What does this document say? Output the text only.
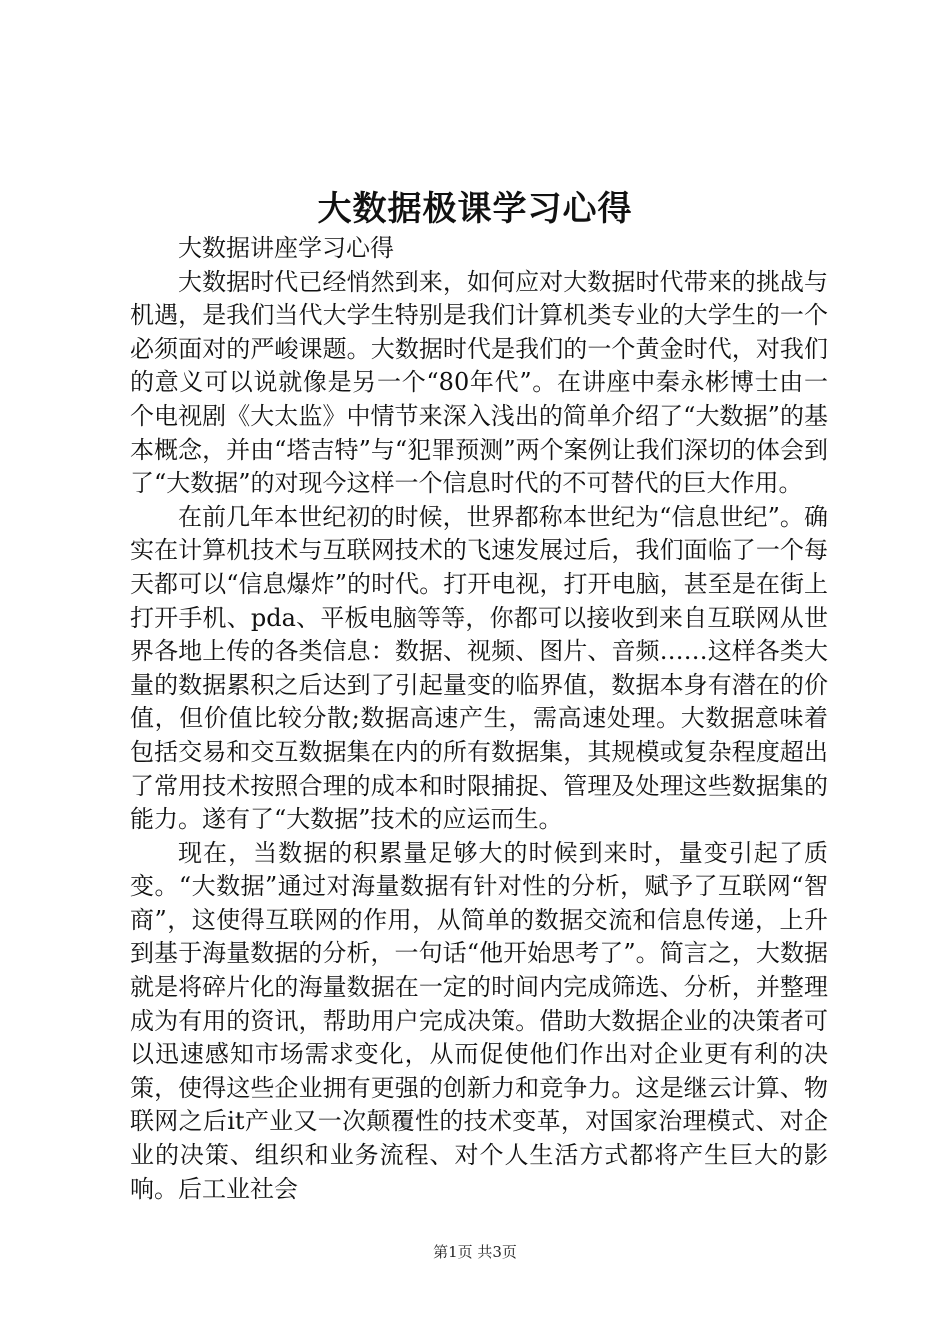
大数据极课学习心得

大数据讲座学习心得

大数据时代已经悄然到来，如何应对大数据时代带来的挑战与机遇，是我们当代大学生特别是我们计算机类专业的大学生的一个必须面对的严峻课题。大数据时代是我们的一个黄金时代，对我们的意义可以说就像是另一个“80年代”。在讲座中秦永彬博士由一个电视剧《大太监》中情节来深入浅出的简单介绍了“大数据”的基本概念，并由“塔吉特”与“犯罪预测”两个案例让我们深切的体会到了“大数据”的对现今这样一个信息时代的不可替代的巨大作用。

在前几年本世纪初的时候，世界都称本世纪为“信息世纪”。确实在计算机技术与互联网技术的飞速发展过后，我们面临了一个每天都可以“信息爆炸”的时代。打开电视，打开电脑，甚至是在街上打开手机、pda、平板电脑等等，你都可以接收到来自互联网从世界各地上传的各类信息：数据、视频、图片、音频……这样各类大量的数据累积之后达到了引起量变的临界值，数据本身有潜在的价值，但价值比较分散;数据高速产生，需高速处理。大数据意味着包括交易和交互数据集在内的所有数据集，其规模或复杂程度超出了常用技术按照合理的成本和时限捕捉、管理及处理这些数据集的能力。遂有了“大数据”技术的应运而生。

现在，当数据的积累量足够大的时候到来时，量变引起了质变。“大数据”通过对海量数据有针对性的分析，赋予了互联网“智商”，这使得互联网的作用，从简单的数据交流和信息传递，上升到基于海量数据的分析，一句话“他开始思考了”。简言之，大数据就是将碎片化的海量数据在一定的时间内完成筛选、分析，并整理成为有用的资讯，帮助用户完成决策。借助大数据企业的决策者可以迅速感知市场需求变化，从而促使他们作出对企业更有利的决策，使得这些企业拥有更强的创新力和竞争力。这是继云计算、物联网之后it产业又一次颠覆性的技术变革，对国家治理模式、对企业的决策、组织和业务流程、对个人生活方式都将产生巨大的影响。后工业社会

第1页 共3页
